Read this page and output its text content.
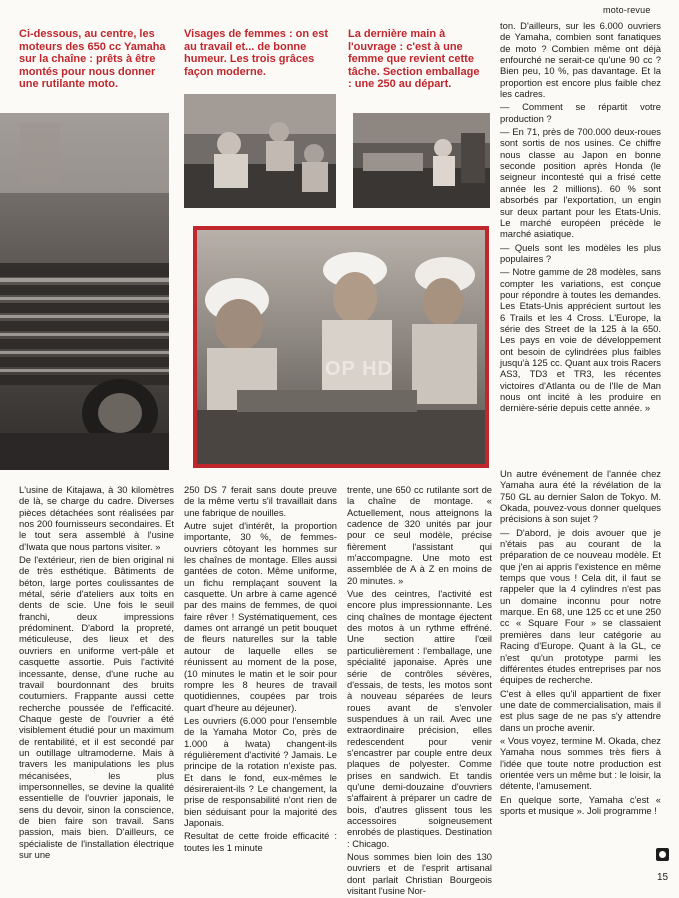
moto-revue
Ci-dessous, au centre, les moteurs des 650 cc Yamaha sur la chaîne : prêts à être montés pour nous donner une rutilante moto.
Visages de femmes : on est au travail et... de bonne humeur. Les trois grâces façon moderne.
La dernière main à l'ouvrage : c'est à une femme que revient cette tâche. Section emballage : une 250 au départ.
OP HD

ton. D'ailleurs, sur les 6.000 ouvriers de Yamaha, combien sont fanatiques de moto ? Combien même ont déjà enfourché ne serait-ce qu'une 90 cc ? Bien peu, 10 %, pas davantage. Et la proportion est encore plus faible chez les cadres.

— Comment se répartit votre production ?

— En 71, près de 700.000 deux-roues sont sortis de nos usines. Ce chiffre nous classe au Japon en bonne seconde position après Honda (le seigneur incontesté qui a frisé cette année les 2 millions). 60 % sont absorbés par l'exportation, un engin sur deux partant pour les Etats-Unis. Le marché européen précède le marché asiatique.

— Quels sont les modèles les plus populaires ?

— Notre gamme de 28 modèles, sans compter les variations, est conçue pour répondre à toutes les demandes. Les Etats-Unis apprécient surtout les 6 Trails et les 4 Cross. L'Europe, la série des Street de la 125 à la 650. Les pays en voie de développement ont besoin de cylindrées plus faibles jusqu'à 125 cc. Quant aux trois Racers AS3, TD3 et TR3, les récentes victoires d'Atlanta ou de l'Ile de Man nous ont incité à les produire en dernière-série depuis cette année. »

L'usine de Kitajawa, à 30 kilomètres de là, se charge du cadre. Diverses pièces détachées sont réalisées par nos 200 fournisseurs secondaires. Et le tout sera assemblé à l'usine d'Iwata que nous partons visiter. »

De l'extérieur, rien de bien original ni de très esthétique. Bâtiments de béton, large portes coulissantes de métal, série d'ateliers aux toits en dents de scie. Une fois le seuil franchi, deux impressions prédominent. D'abord la propreté, méticuleuse, des lieux et des ouvriers en uniforme vert-pâle et casquette assortie. Puis l'activité incessante, dense, d'une ruche au travail bourdonnant des bruits coutumiers. Frappante aussi cette recherche poussée de l'efficacité. Chaque geste de l'ouvrier a été visiblement étudié pour un maximum de rentabilité, et il est secondé par un outillage ultramoderne. Mais à travers les manipulations les plus mécanisées, les plus impersonnelles, se devine la qualité essentielle de l'ouvrier japonais, le sens du devoir, sinon la conscience, de bien faire son travail. Sans passion, mais bien. D'ailleurs, ce spécialiste de l'installation électrique sur une

250 DS 7 ferait sans doute preuve de la même vertu s'il travaillait dans une fabrique de nouilles.

Autre sujet d'intérêt, la proportion importante, 30 %, de femmes-ouvriers côtoyant les hommes sur les chaînes de montage. Elles aussi gantées de coton. Même uniforme, un fichu remplaçant souvent la casquette. Un arbre à came agencé par des mains de femmes, de quoi faire rêver ! Systématiquement, ces dames ont arrangé un petit bouquet de fleurs naturelles sur la table autour de laquelle elles se réunissent au moment de la pose, (10 minutes le matin et le soir pour rompre les 8 heures de travail quotidiennes, coupées par trois quart d'heure au déjeuner).

Les ouvriers (6.000 pour l'ensemble de la Yamaha Motor Co, près de 1.000 à Iwata) changent-ils régulièrement d'activité ? Jamais. Le principe de la rotation n'existe pas. Et dans le fond, eux-mêmes le désireraient-ils ? Le changement, la prise de responsabilité n'ont rien de bien séduisant pour la majorité des Japonais.

Resultat de cette froide efficacité : toutes les 1 minute

trente, une 650 cc rutilante sort de la chaîne de montage. « Actuellement, nous atteignons la cadence de 320 unités par jour pour ce seul modèle, précise fièrement l'assistant qui m'accompagne. Une moto est assemblée de A à Z en moins de 20 minutes. »

Vue des ceintres, l'activité est encore plus impressionnante. Les cinq chaînes de montage éjectent des motos à un rythme effréné. Une section attire l'œil particulièrement : l'emballage, une spécialité japonaise. Après une série de contrôles sévères, d'essais, de tests, les motos sont à nouveau séparées de leurs roues avant de s'envoler suspendues à un rail. Avec une extraordinaire précision, elles redescendent pour venir s'encastrer par couple entre deux plaques de polyester. Comme prises en sandwich. Et tandis qu'une demi-douzaine d'ouvriers s'affairent à préparer un cadre de bois, d'autres glissent tous les accessoires soigneusement enrobés de plastiques. Destination : Chicago.

Nous sommes bien loin des 130 ouvriers et de l'esprit artisanal dont parlait Christian Bourgeois visitant l'usine Nor-

Un autre événement de l'année chez Yamaha aura été la révélation de la 750 GL au dernier Salon de Tokyo. M. Okada, pouvez-vous donner quelques précisions à son sujet ?

— D'abord, je dois avouer que je n'étais pas au courant de la préparation de ce nouveau modèle. Et que j'en ai appris l'existence en même temps que vous ! Cela dit, il faut se rappeler que la 4 cylindres n'est pas un domaine inconnu pour notre marque. En 68, une 125 cc et une 250 cc « Square Four » se classaient premières dans leur catégorie au Racing d'Europe. Quant à la GL, ce n'est qu'un prototype parmi les différentes études entreprises par nos équipes de recherche.

C'est à elles qu'il appartient de fixer une date de commercialisation, mais il est plus sage de ne pas s'y attendre dans un proche avenir.

« Vous voyez, termine M. Okada, chez Yamaha nous sommes très fiers à l'idée que toute notre production est orientée vers un même but : le loisir, la détente, l'amusement.

En quelque sorte, Yamaha c'est « sports et musique ». Joli programme !

15
